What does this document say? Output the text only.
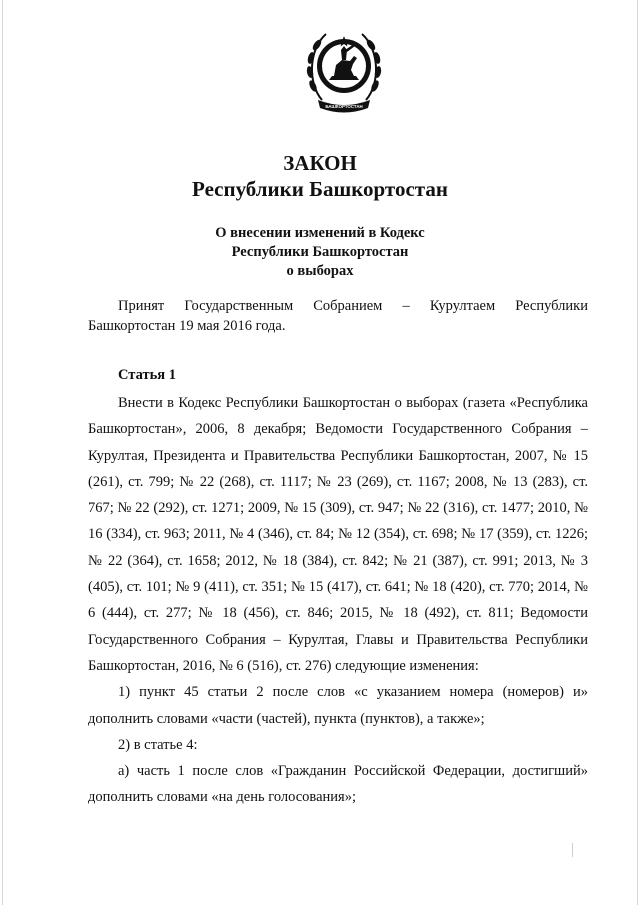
БАШКОРТОСТАН
ЗАКОН
Республики Башкортостан
О внесении изменений в Кодекс
Республики Башкортостан
о выборах

Принят Государственным Собранием – Курултаем Республики Башкортостан 19 мая 2016 года.

Статья 1

Внести в Кодекс Республики Башкортостан о выборах (газета «Республика Башкортостан», 2006, 8 декабря; Ведомости Государственного Собрания – Курултая, Президента и Правительства Республики Башкортостан, 2007, № 15 (261), ст. 799; № 22 (268), ст. 1117; № 23 (269), ст. 1167; 2008, № 13 (283), ст. 767; № 22 (292), ст. 1271; 2009, № 15 (309), ст. 947; № 22 (316), ст. 1477; 2010, № 16 (334), ст. 963; 2011, № 4 (346), ст. 84; № 12 (354), ст. 698; № 17 (359), ст. 1226; № 22 (364), ст. 1658; 2012, № 18 (384), ст. 842; № 21 (387), ст. 991; 2013, № 3 (405), ст. 101; № 9 (411), ст. 351; № 15 (417), ст. 641; № 18 (420), ст. 770; 2014, № 6 (444), ст. 277; № 18 (456), ст. 846; 2015, № 18 (492), ст. 811; Ведомости Государственного Собрания – Курултая, Главы и Правительства Республики Башкортостан, 2016, № 6 (516), ст. 276) следующие изменения:

1) пункт 45 статьи 2 после слов «с указанием номера (номеров) и» дополнить словами «части (частей), пункта (пунктов), а также»;

2) в статье 4:

а) часть 1 после слов «Гражданин Российской Федерации, достигший» дополнить словами «на день голосования»;
